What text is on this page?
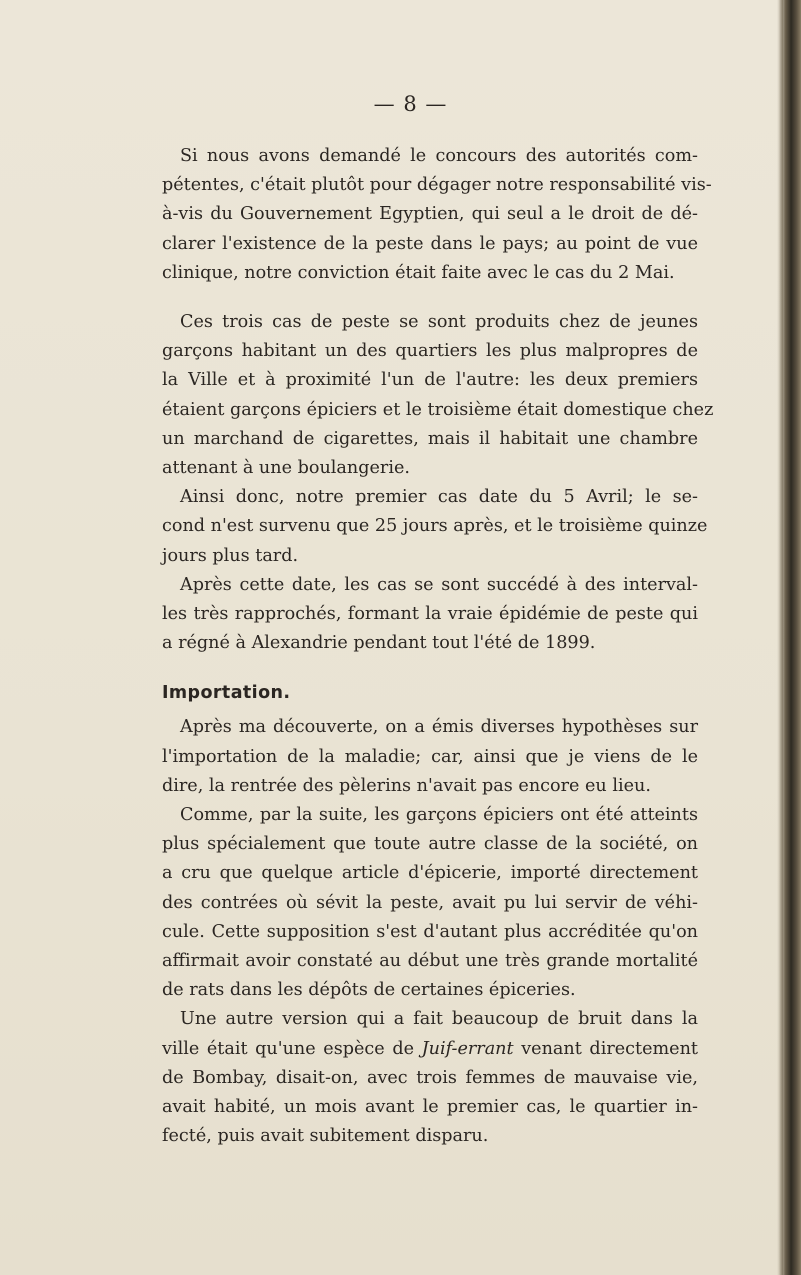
— 8 —

Si nous avons demandé le concours des autorités com-
pétentes, c'était plutôt pour dégager notre responsabilité vis-
à-vis du Gouvernement Egyptien, qui seul a le droit de dé-
clarer l'existence de la peste dans le pays; au point de vue
clinique, notre conviction était faite avec le cas du 2 Mai.

Ces trois cas de peste se sont produits chez de jeunes
garçons habitant un des quartiers les plus malpropres de
la Ville et à proximité l'un de l'autre: les deux premiers
étaient garçons épiciers et le troisième était domestique chez
un marchand de cigarettes, mais il habitait une chambre
attenant à une boulangerie.

Ainsi donc, notre premier cas date du 5 Avril; le se-
cond n'est survenu que 25 jours après, et le troisième quinze
jours plus tard.

Après cette date, les cas se sont succédé à des interval-
les très rapprochés, formant la vraie épidémie de peste qui
a régné à Alexandrie pendant tout l'été de 1899.

Importation.

Après ma découverte, on a émis diverses hypothèses sur
l'importation de la maladie; car, ainsi que je viens de le
dire, la rentrée des pèlerins n'avait pas encore eu lieu.

Comme, par la suite, les garçons épiciers ont été atteints
plus spécialement que toute autre classe de la société, on
a cru que quelque article d'épicerie, importé directement
des contrées où sévit la peste, avait pu lui servir de véhi-
cule. Cette supposition s'est d'autant plus accréditée qu'on
affirmait avoir constaté au début une très grande mortalité
de rats dans les dépôts de certaines épiceries.

Une autre version qui a fait beaucoup de bruit dans la
ville était qu'une espèce de Juif-errant venant directement
de Bombay, disait-on, avec trois femmes de mauvaise vie,
avait habité, un mois avant le premier cas, le quartier in-
fecté, puis avait subitement disparu.
